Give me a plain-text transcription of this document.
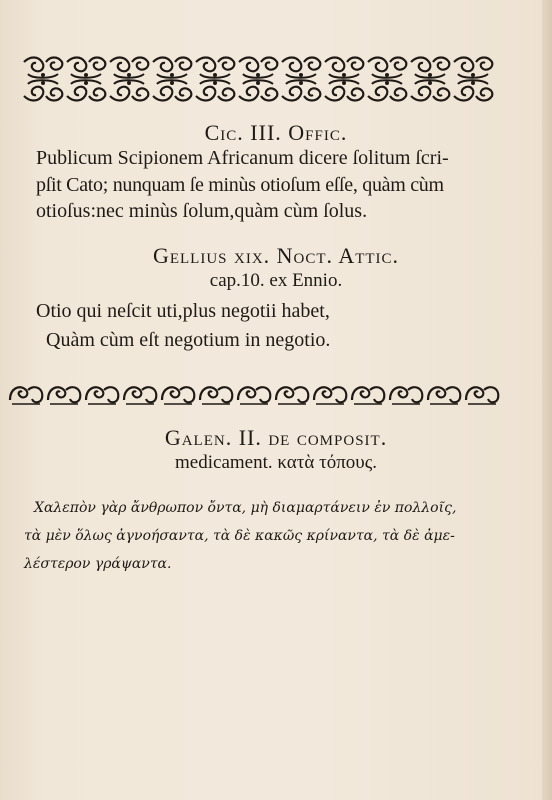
Cic. III. Offic.
Publicum Scipionem Africanum dicere ſolitum ſcri-
pſit Cato; nunquam ſe minùs otioſum eſſe, quàm cùm
otioſus:nec minùs ſolum,quàm cùm ſolus.
Gellius xix. Noct. Attic.
cap.10. ex Ennio.
Otio qui neſcit uti,plus negotii habet,
Quàm cùm eſt negotium in negotio.
Galen. II. de composit.
medicament. κατὰ τόπους.
Χαλεπὸν γὰρ ἄνθρωπον ὄντα, μὴ διαμαρτάνειν ἐν πολλοῖς,
τὰ μὲν ὅλως ἀγνοήσαντα, τὰ δὲ κακῶς κρίναντα, τὰ δὲ ἀμε-
λέστερον γράψαντα.
